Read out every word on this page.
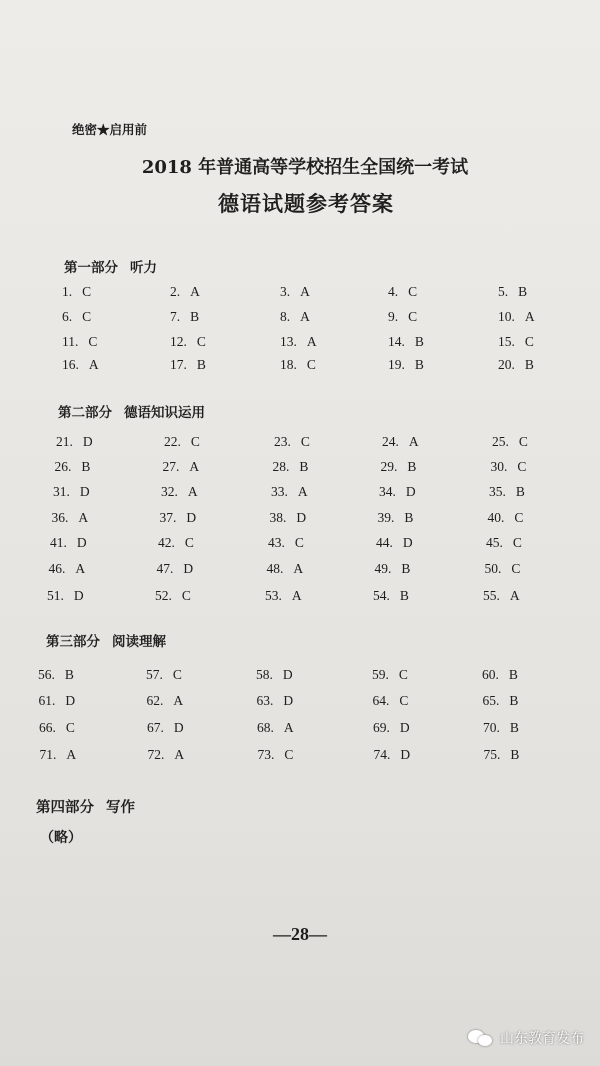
绝密★启用前
2018 年普通高等学校招生全国统一考试
德语试题参考答案
第一部分 听力
第二部分 德语知识运用
第三部分 阅读理解
第四部分 写作
（略）
1. C	2. A	3. A	4. C	5. B
6. C	7. B	8. A	9. C	10. A
11. C	12. C	13. A	14. B	15. C
16. A	17. B	18. C	19. B	20. B
21. D	22. C	23. C	24. A	25. C
26. B	27. A	28. B	29. B	30. C
31. D	32. A	33. A	34. D	35. B
36. A	37. D	38. D	39. B	40. C
41. D	42. C	43. C	44. D	45. C
46. A	47. D	48. A	49. B	50. C
51. D	52. C	53. A	54. B	55. A
56. B	57. C	58. D	59. C	60. B
61. D	62. A	63. D	64. C	65. B
66. C	67. D	68. A	69. D	70. B
71. A	72. A	73. C	74. D	75. B
—28—
山东教育发布
